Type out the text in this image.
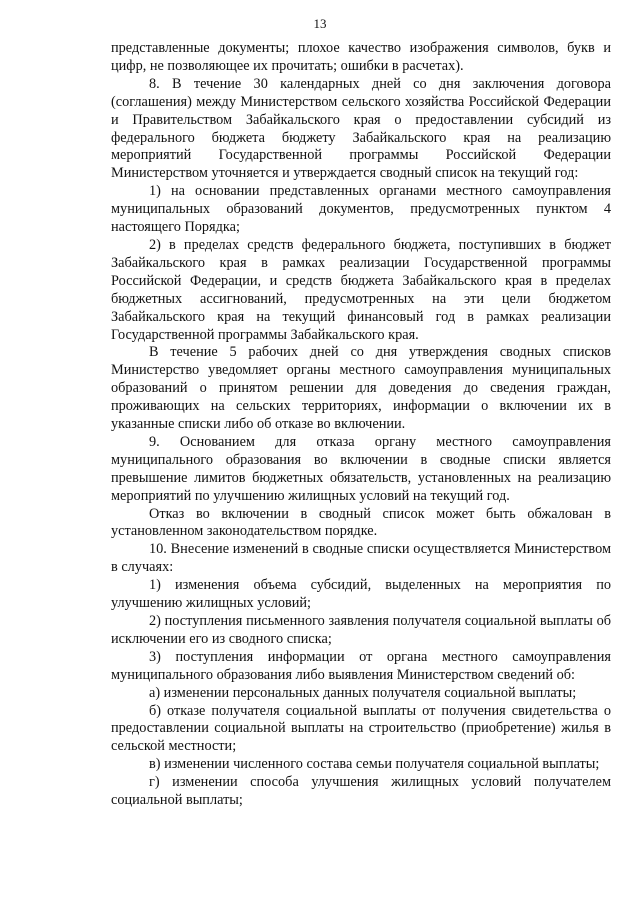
13

представленные документы; плохое качество изображения символов, букв и цифр, не позволяющее их прочитать; ошибки в расчетах).

8. В течение 30 календарных дней со дня заключения договора (соглашения) между Министерством сельского хозяйства Российской Федерации и Правительством Забайкальского края о предоставлении субсидий из федерального бюджета бюджету Забайкальского края на реализацию мероприятий Государственной программы Российской Федерации Министерством уточняется и утверждается сводный список на текущий год:

1) на основании представленных органами местного самоуправления муниципальных образований документов, предусмотренных пунктом 4 настоящего Порядка;

2) в пределах средств федерального бюджета, поступивших в бюджет Забайкальского края в рамках реализации Государственной программы Российской Федерации, и средств бюджета Забайкальского края в пределах бюджетных ассигнований, предусмотренных на эти цели бюджетом Забайкальского края на текущий финансовый год в рамках реализации Государственной программы Забайкальского края.

В течение 5 рабочих дней со дня утверждения сводных списков Министерство уведомляет органы местного самоуправления муниципальных образований о принятом решении для доведения до сведения граждан, проживающих на сельских территориях, информации о включении их в указанные списки либо об отказе во включении.

9. Основанием для отказа органу местного самоуправления муниципального образования во включении в сводные списки является превышение лимитов бюджетных обязательств, установленных на реализацию мероприятий по улучшению жилищных условий на текущий год.

Отказ во включении в сводный список может быть обжалован в установленном законодательством порядке.

10. Внесение изменений в сводные списки осуществляется Министерством в случаях:

1) изменения объема субсидий, выделенных на мероприятия по улучшению жилищных условий;

2) поступления письменного заявления получателя социальной выплаты об исключении его из сводного списка;

3) поступления информации от органа местного самоуправления муниципального образования либо выявления Министерством сведений об:

а) изменении персональных данных получателя социальной выплаты;

б) отказе получателя социальной выплаты от получения свидетельства о предоставлении социальной выплаты на строительство (приобретение) жилья в сельской местности;

в) изменении численного состава семьи получателя социальной выплаты;

г) изменении способа улучшения жилищных условий получателем социальной выплаты;
